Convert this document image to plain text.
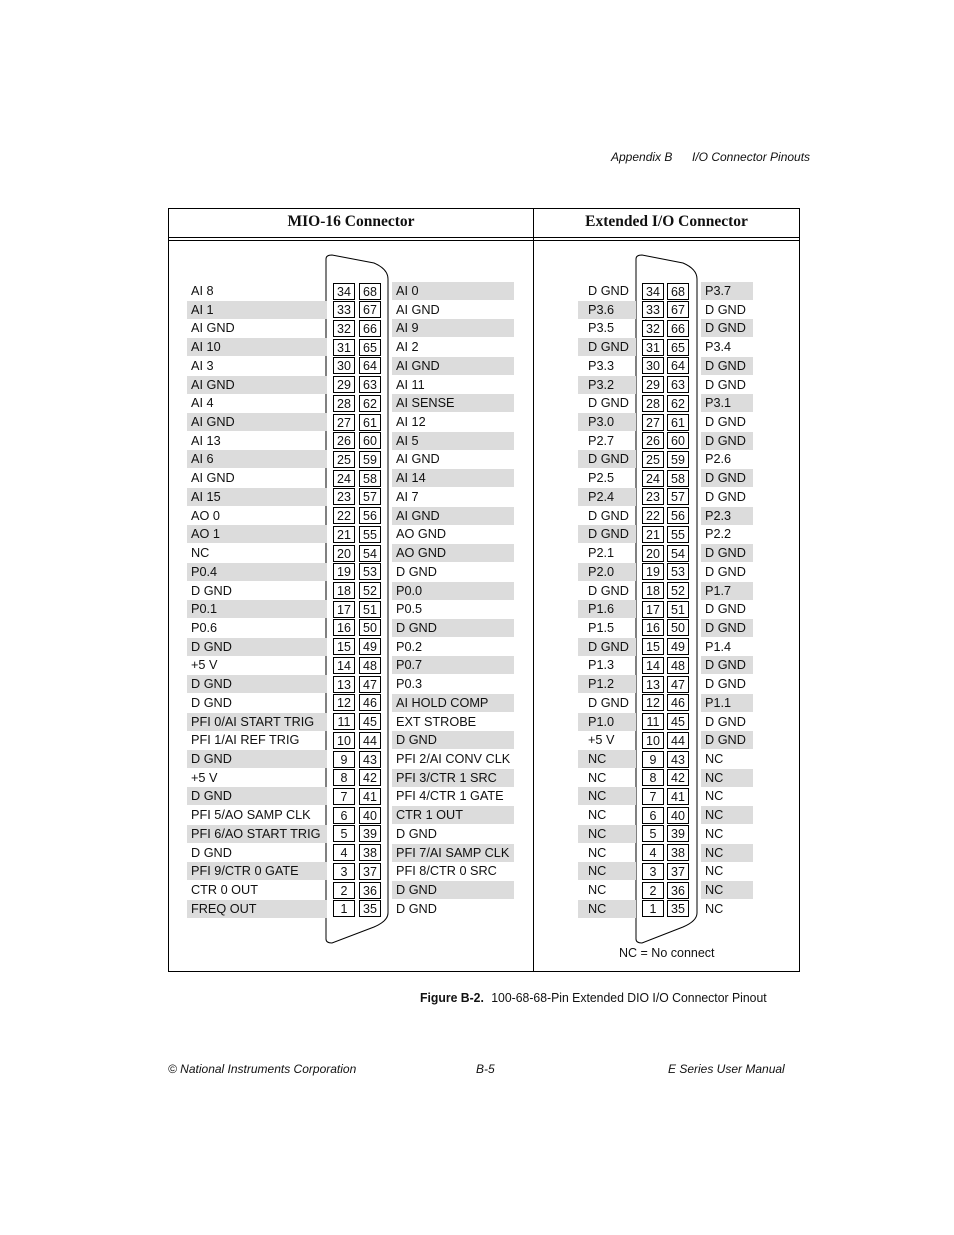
Appendix B I/O Connector Pinouts
MIO-16 Connector	Extended I/O Connector
AI 8	34 68	AI 0
AI 1	33 67	AI GND
AI GND	32 66	AI 9
AI 10	31 65	AI 2
AI 3	30 64	AI GND
AI GND	29 63	AI 11
AI 4	28 62	AI SENSE
AI GND	27 61	AI 12
AI 13	26 60	AI 5
AI 6	25 59	AI GND
AI GND	24 58	AI 14
AI 15	23 57	AI 7
AO 0	22 56	AI GND
AO 1	21 55	AO GND
NC	20 54	AO GND
P0.4	19 53	D GND
D GND	18 52	P0.0
P0.1	17 51	P0.5
P0.6	16 50	D GND
D GND	15 49	P0.2
+5 V	14 48	P0.7
D GND	13 47	P0.3
D GND	12 46	AI HOLD COMP
PFI 0/AI START TRIG	11	45	EXT STROBE
PFI 1/AI REF TRIG	10 44	D GND
D GND	9	43	PFI 2/AI CONV CLK
+5 V	8	42	PFI 3/CTR 1 SRC
D GND	7	41	PFI 4/CTR 1 GATE
PFI 5/AO SAMP CLK	6	40	CTR 1 OUT
PFI 6/AO START TRIG	5	39	D GND
D GND	4	38	PFI 7/AI SAMP CLK
PFI 9/CTR 0 GATE	3	37	PFI 8/CTR 0 SRC
CTR 0 OUT	2	36	D GND
FREQ OUT	1	35	D GND
D GND	34 68	P3.7
P3.6	33 67	D GND
P3.5	32 66	D GND
D GND	31 65	P3.4
P3.3	30 64	D GND
P3.2	29 63	D GND
D GND	28 62	P3.1
P3.0	27 61	D GND
P2.7	26 60	D GND
D GND	25 59	P2.6
P2.5	24 58	D GND
P2.4	23 57	D GND
D GND	22 56	P2.3
D GND	21 55	P2.2
P2.1	20 54	D GND
P2.0	19 53	D GND
D GND	18 52	P1.7
P1.6	17 51	D GND
P1.5	16 50	D GND
D GND	15 49	P1.4
P1.3	14 48	D GND
P1.2	13 47	D GND
D GND	12 46	P1.1
P1.0	11 45	D GND
+5 V	10 44	D GND
NC	9	43	NC
NC	8	42	NC
NC	7	41	NC
NC	6	40	NC
NC	5	39	NC
NC	4	38	NC
NC	3	37	NC
NC	2	36	NC
NC	1	35	NC
NC = No connect
Figure B-2. 100-68-68-Pin Extended DIO I/O Connector Pinout
© National Instruments Corporation	B-5	E Series User Manual
